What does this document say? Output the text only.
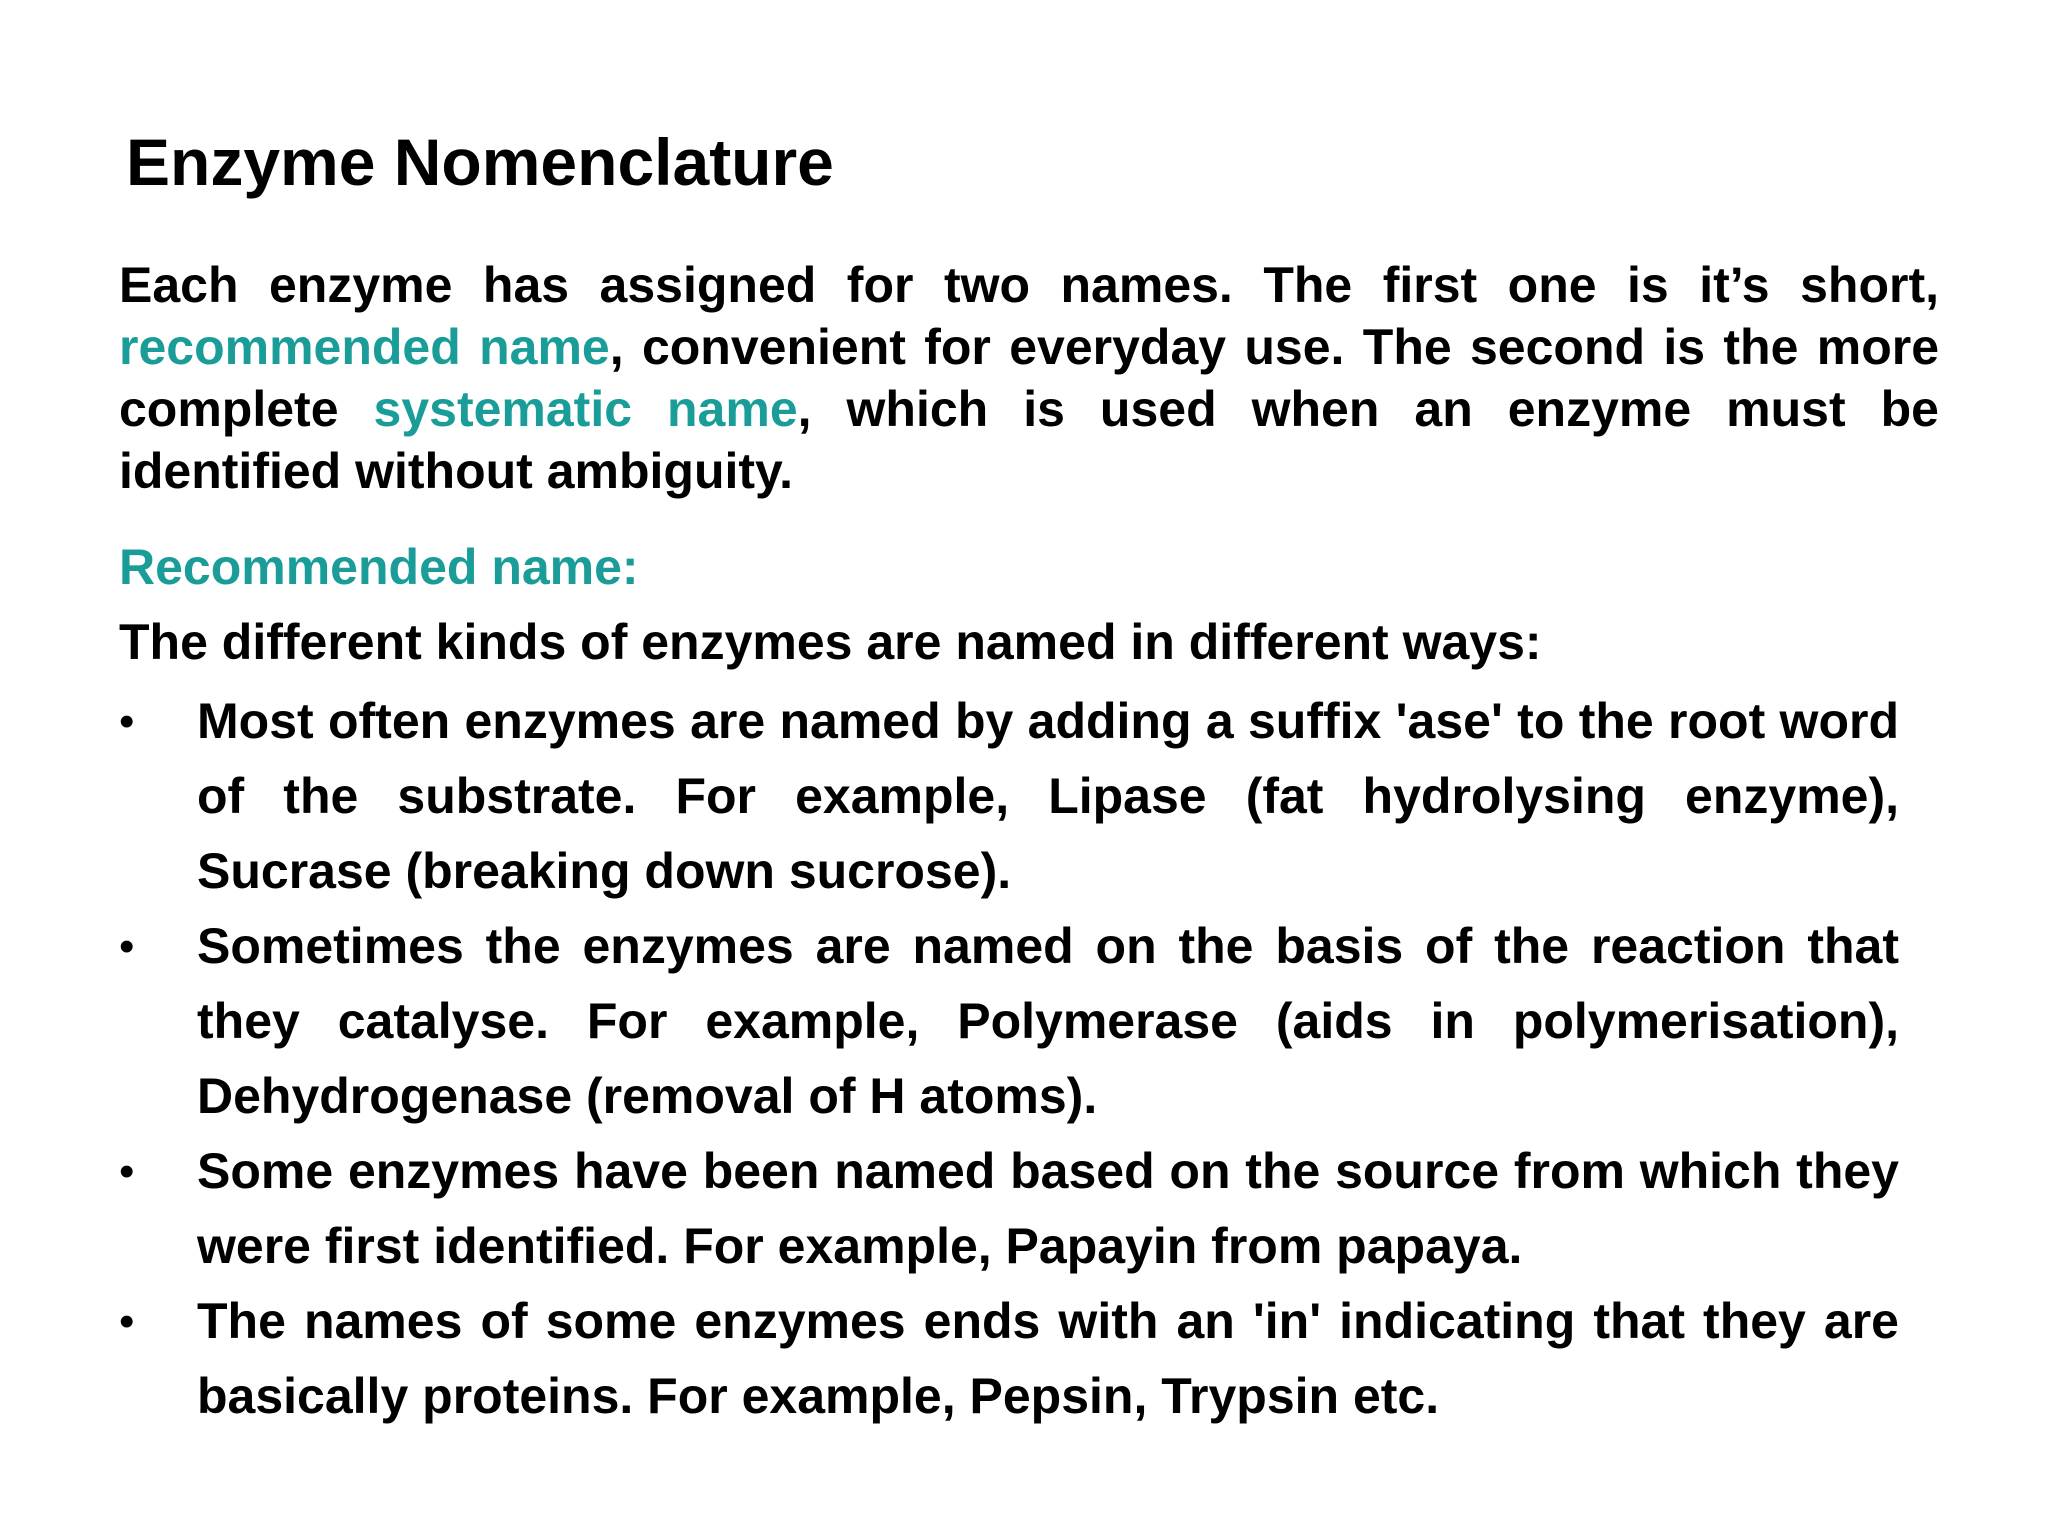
Enzyme Nomenclature

Each enzyme has assigned for two names. The first one is it’s short, recommended name, convenient for everyday use. The second is the more complete systematic name, which is used when an enzyme must be identified without ambiguity.

Recommended name:

The different kinds of enzymes are named in different ways:

• Most often enzymes are named by adding a suffix 'ase' to the root word of the substrate. For example, Lipase (fat hydrolysing enzyme), Sucrase (breaking down sucrose).
• Sometimes the enzymes are named on the basis of the reaction that they catalyse. For example, Polymerase (aids in polymerisation), Dehydrogenase (removal of H atoms).
• Some enzymes have been named based on the source from which they were first identified. For example, Papayin from papaya.
• The names of some enzymes ends with an 'in' indicating that they are basically proteins. For example, Pepsin, Trypsin etc.
